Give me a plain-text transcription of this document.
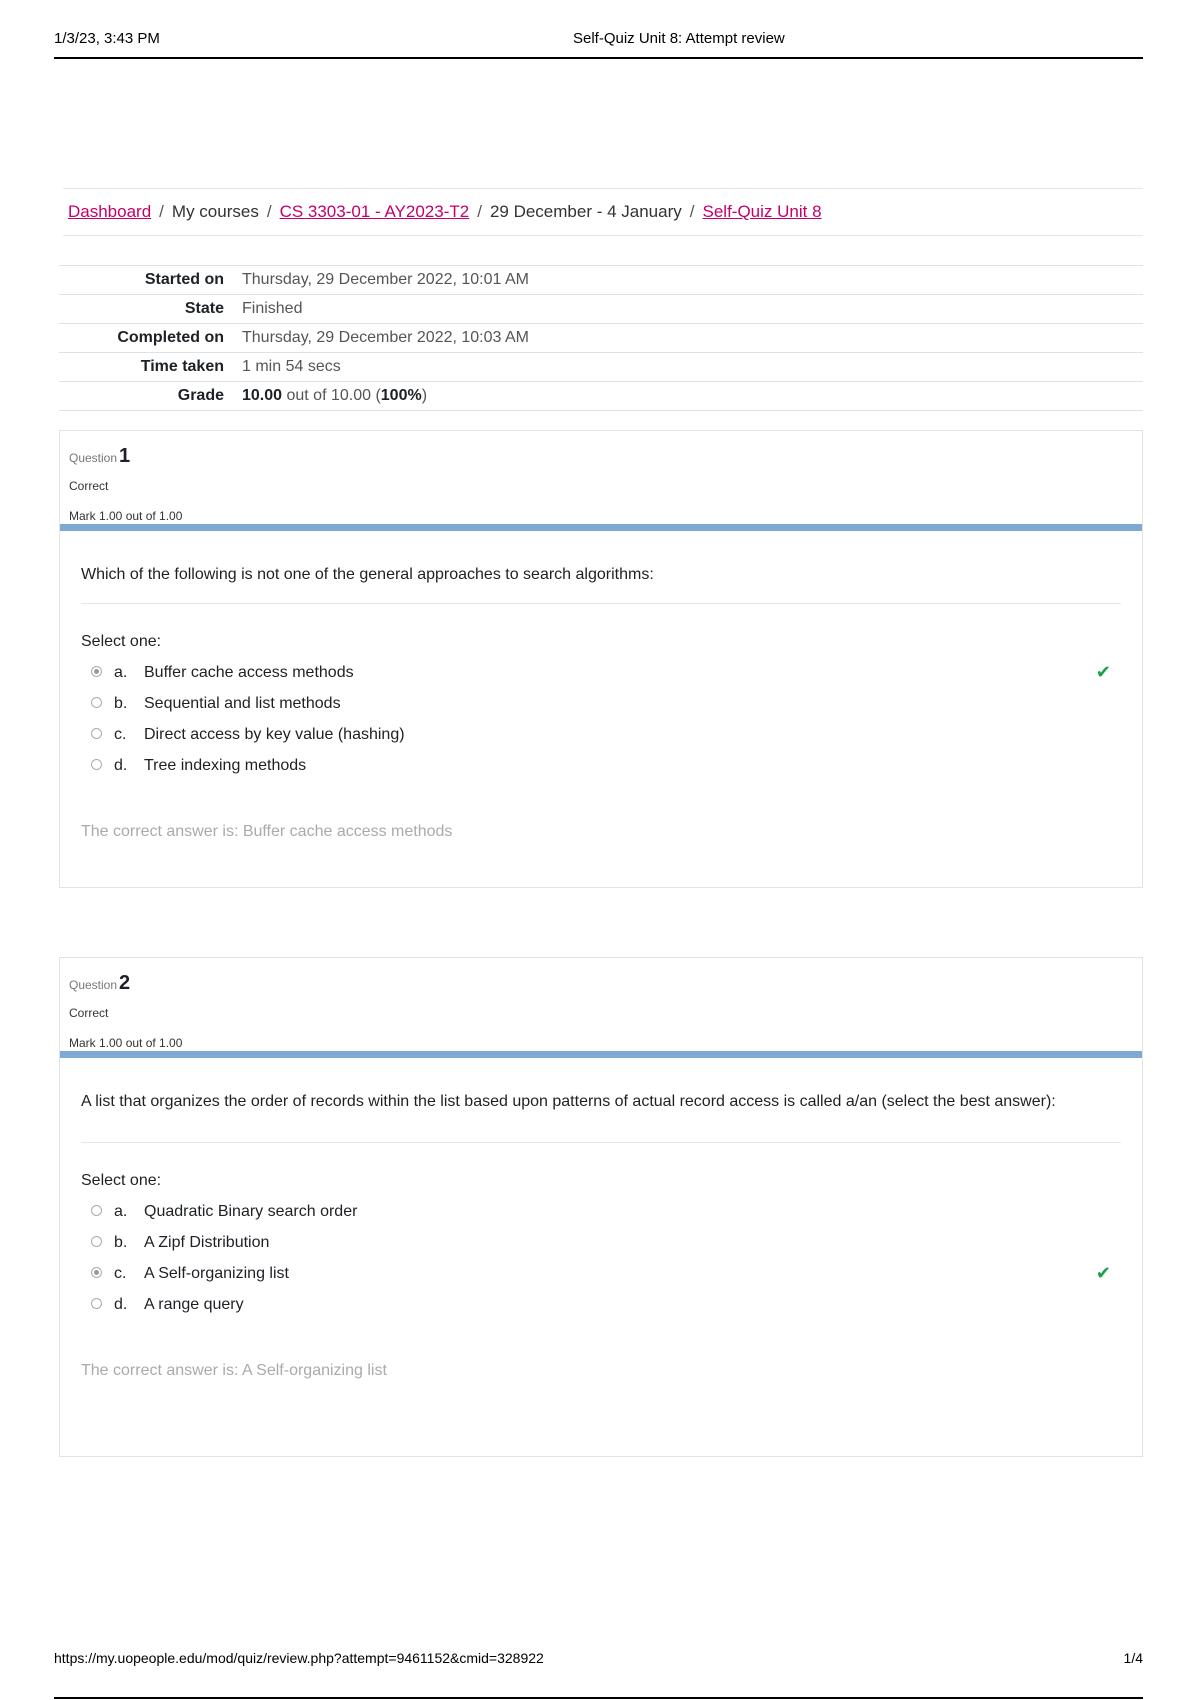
1/3/23, 3:43 PM	Self-Quiz Unit 8: Attempt review
Dashboard / My courses / CS 3303-01 - AY2023-T2 / 29 December - 4 January / Self-Quiz Unit 8
Started on	Thursday, 29 December 2022, 10:01 AM
State	Finished
Completed on	Thursday, 29 December 2022, 10:03 AM
Time taken	1 min 54 secs
Grade	10.00 out of 10.00 (100%)
Question 1
Correct
Mark 1.00 out of 1.00
Which of the following is not one of the general approaches to search algorithms:
Select one:
a. Buffer cache access methods	✔
b. Sequential and list methods
c. Direct access by key value (hashing)
d. Tree indexing methods
The correct answer is: Buffer cache access methods
Question 2
Correct
Mark 1.00 out of 1.00
A list that organizes the order of records within the list based upon patterns of actual record access is called a/an (select the best answer):
Select one:
a. Quadratic Binary search order
b. A Zipf Distribution
c. A Self-organizing list	✔
d. A range query
The correct answer is: A Self-organizing list
https://my.uopeople.edu/mod/quiz/review.php?attempt=9461152&cmid=328922	1/4
